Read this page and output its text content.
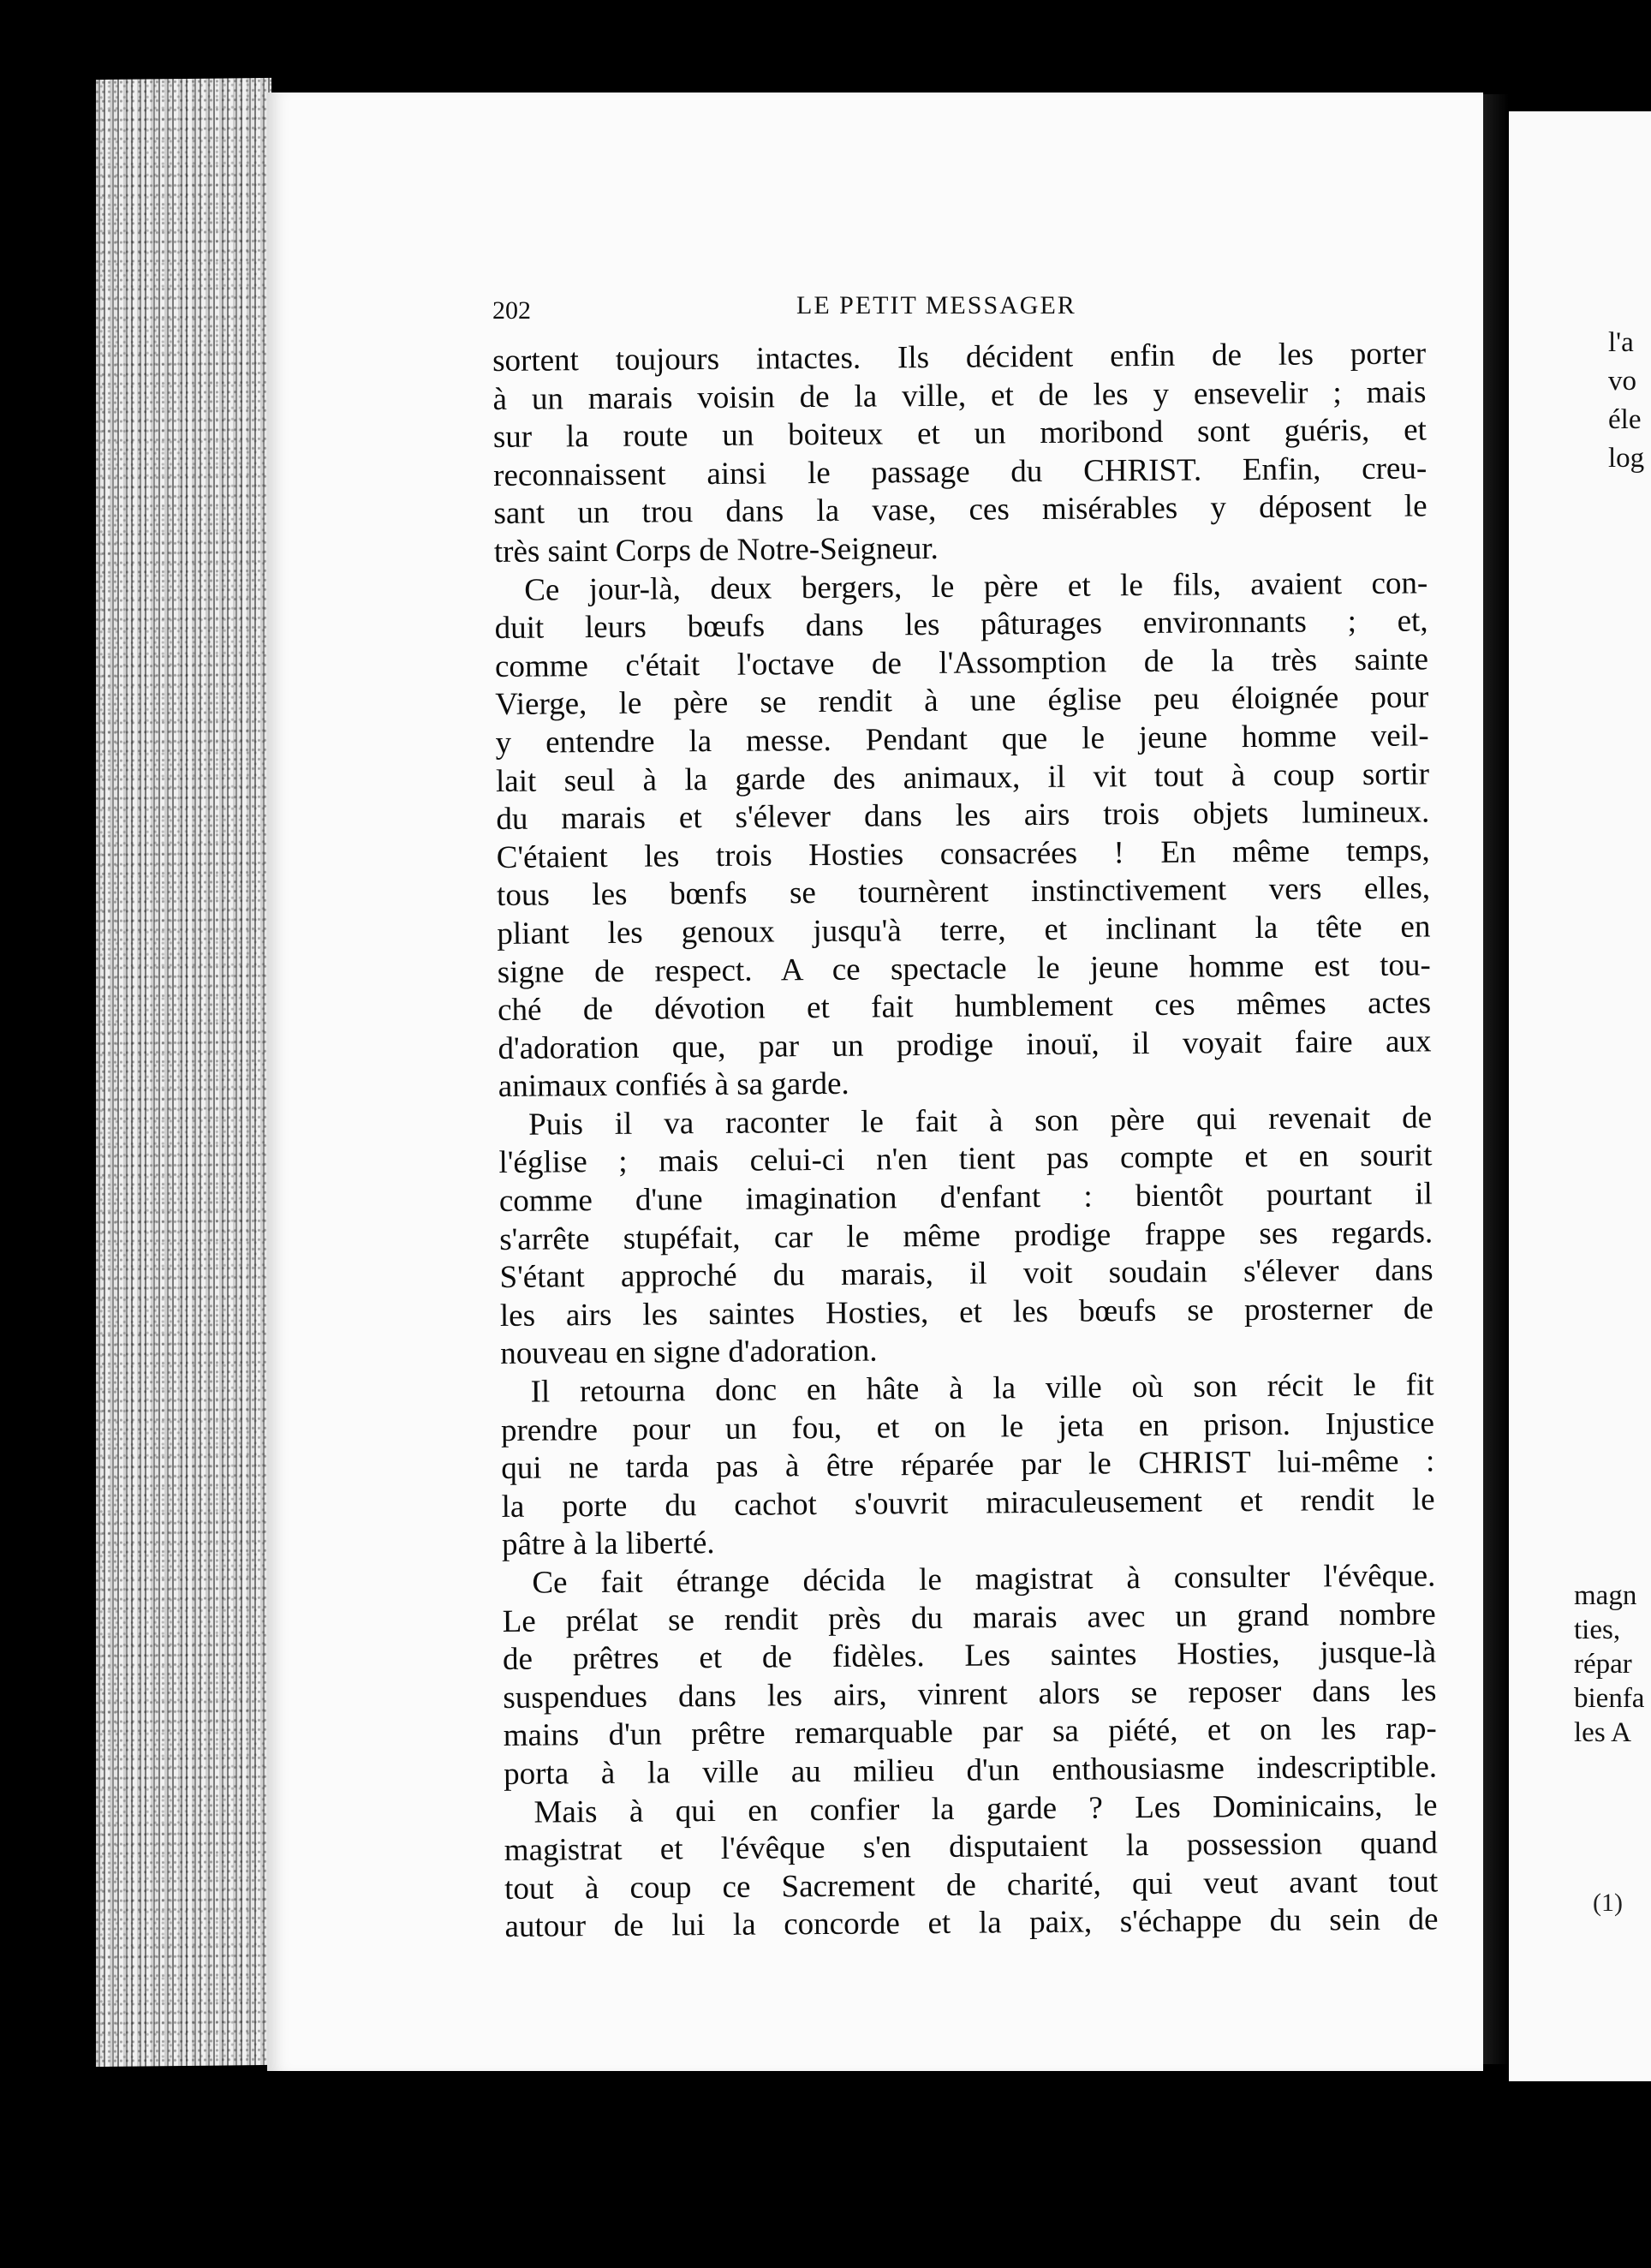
l'a
vo
éle
log
magn
ties,
répar
bienfa
les A
(1)
202	LE PETIT MESSAGER
sortent toujours intactes. Ils décident enfin de les porter
à un marais voisin de la ville, et de les y ensevelir ; mais
sur la route un boiteux et un moribond sont guéris, et
reconnaissent ainsi le passage du CHRIST. Enfin, creu-
sant un trou dans la vase, ces misérables y déposent le
très saint Corps de Notre-Seigneur.
Ce jour-là, deux bergers, le père et le fils, avaient con-
duit leurs bœufs dans les pâturages environnants ; et,
comme c'était l'octave de l'Assomption de la très sainte
Vierge, le père se rendit à une église peu éloignée pour
y entendre la messe. Pendant que le jeune homme veil-
lait seul à la garde des animaux, il vit tout à coup sortir
du marais et s'élever dans les airs trois objets lumineux.
C'étaient les trois Hosties consacrées ! En même temps,
tous les bœnfs se tournèrent instinctivement vers elles,
pliant les genoux jusqu'à terre, et inclinant la tête en
signe de respect. A ce spectacle le jeune homme est tou-
ché de dévotion et fait humblement ces mêmes actes
d'adoration que, par un prodige inouï, il voyait faire aux
animaux confiés à sa garde.
Puis il va raconter le fait à son père qui revenait de
l'église ; mais celui-ci n'en tient pas compte et en sourit
comme d'une imagination d'enfant : bientôt pourtant il
s'arrête stupéfait, car le même prodige frappe ses regards.
S'étant approché du marais, il voit soudain s'élever dans
les airs les saintes Hosties, et les bœufs se prosterner de
nouveau en signe d'adoration.
Il retourna donc en hâte à la ville où son récit le fit
prendre pour un fou, et on le jeta en prison. Injustice
qui ne tarda pas à être réparée par le CHRIST lui-même :
la porte du cachot s'ouvrit miraculeusement et rendit le
pâtre à la liberté.
Ce fait étrange décida le magistrat à consulter l'évêque.
Le prélat se rendit près du marais avec un grand nombre
de prêtres et de fidèles. Les saintes Hosties, jusque-là
suspendues dans les airs, vinrent alors se reposer dans les
mains d'un prêtre remarquable par sa piété, et on les rap-
porta à la ville au milieu d'un enthousiasme indescriptible.
Mais à qui en confier la garde ? Les Dominicains, le
magistrat et l'évêque s'en disputaient la possession quand
tout à coup ce Sacrement de charité, qui veut avant tout
autour de lui la concorde et la paix, s'échappe du sein de
